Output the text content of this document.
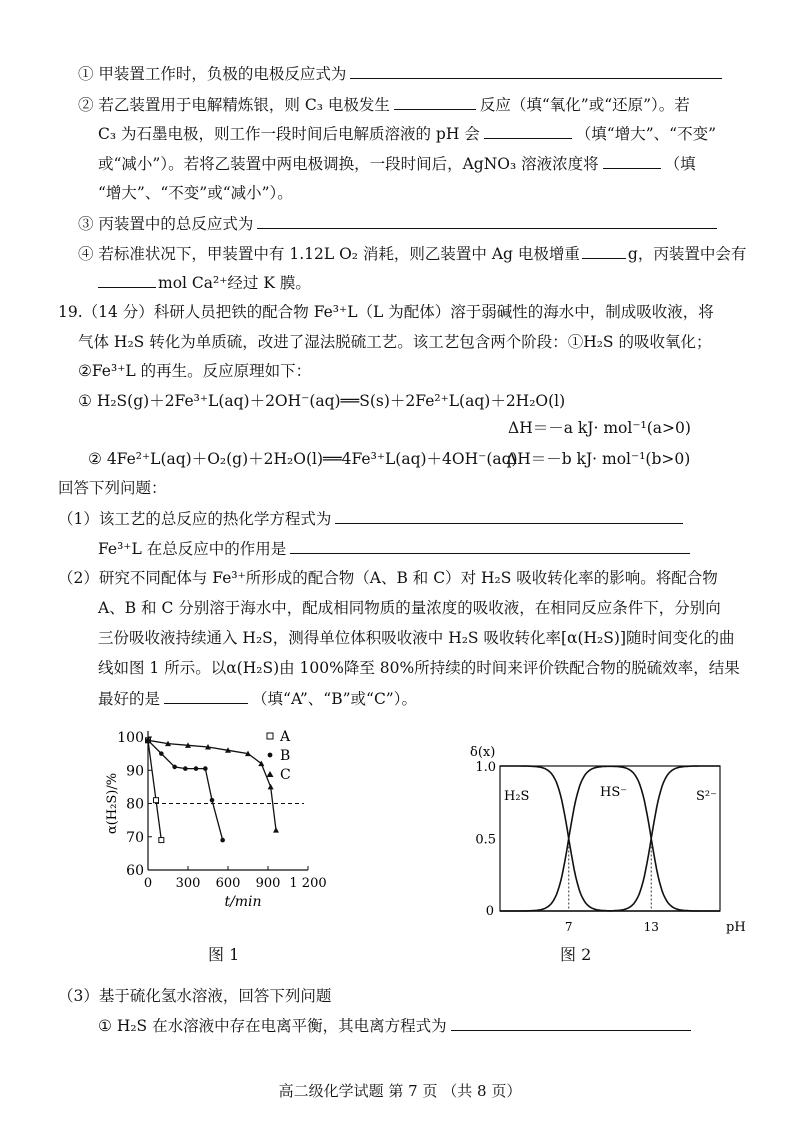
① 甲装置工作时，负极的电极反应式为
② 若乙装置用于电解精炼银，则 C₃ 电极发生	反应（填“氧化”或“还原”）。若
C₃ 为石墨电极，则工作一段时间后电解质溶液的 pH 会	（填“增大”、“不变”
或“减小”）。若将乙装置中两电极调换，一段时间后，AgNO₃ 溶液浓度将	（填
“增大”、“不变”或“减小”）。
③ 丙装置中的总反应式为
④ 若标准状况下，甲装置中有 1.12L O₂ 消耗，则乙装置中 Ag 电极增重	g，丙装置中会有
mol Ca²⁺经过 K 膜。
19.（14 分）科研人员把铁的配合物 Fe³⁺L（L 为配体）溶于弱碱性的海水中，制成吸收液，将
气体 H₂S 转化为单质硫，改进了湿法脱硫工艺。该工艺包含两个阶段：①H₂S 的吸收氧化；
②Fe³⁺L 的再生。反应原理如下：
① H₂S(g)＋2Fe³⁺L(aq)＋2OH⁻(aq)══S(s)＋2Fe²⁺L(aq)＋2H₂O(l)
ΔH＝－a kJ· mol⁻¹(a>0)
② 4Fe²⁺L(aq)＋O₂(g)＋2H₂O(l)══4Fe³⁺L(aq)＋4OH⁻(aq)
ΔH＝－b kJ· mol⁻¹(b>0)
回答下列问题：
（1）该工艺的总反应的热化学方程式为
Fe³⁺L 在总反应中的作用是
（2）研究不同配体与 Fe³⁺所形成的配合物（A、B 和 C）对 H₂S 吸收转化率的影响。将配合物
A、B 和 C 分别溶于海水中，配成相同物质的量浓度的吸收液，在相同反应条件下，分别向
三份吸收液持续通入 H₂S，测得单位体积吸收液中 H₂S 吸收转化率[α(H₂S)]随时间变化的曲
线如图 1 所示。以α(H₂S)由 100%降至 80%所持续的时间来评价铁配合物的脱硫效率，结果
最好的是	（填“A”、“B”或“C”）。
0 300 600 900 1 200
60
70
80
90
100
t/min
α(H₂S)/%
A
B
C
图 1
1.0
0.5
0
δ(x)
7	13	pH
H₂S	HS⁻	S²⁻
图 2
（3）基于硫化氢水溶液，回答下列问题
① H₂S 在水溶液中存在电离平衡，其电离方程式为
高二级化学试题 第 7 页 （共 8 页）
